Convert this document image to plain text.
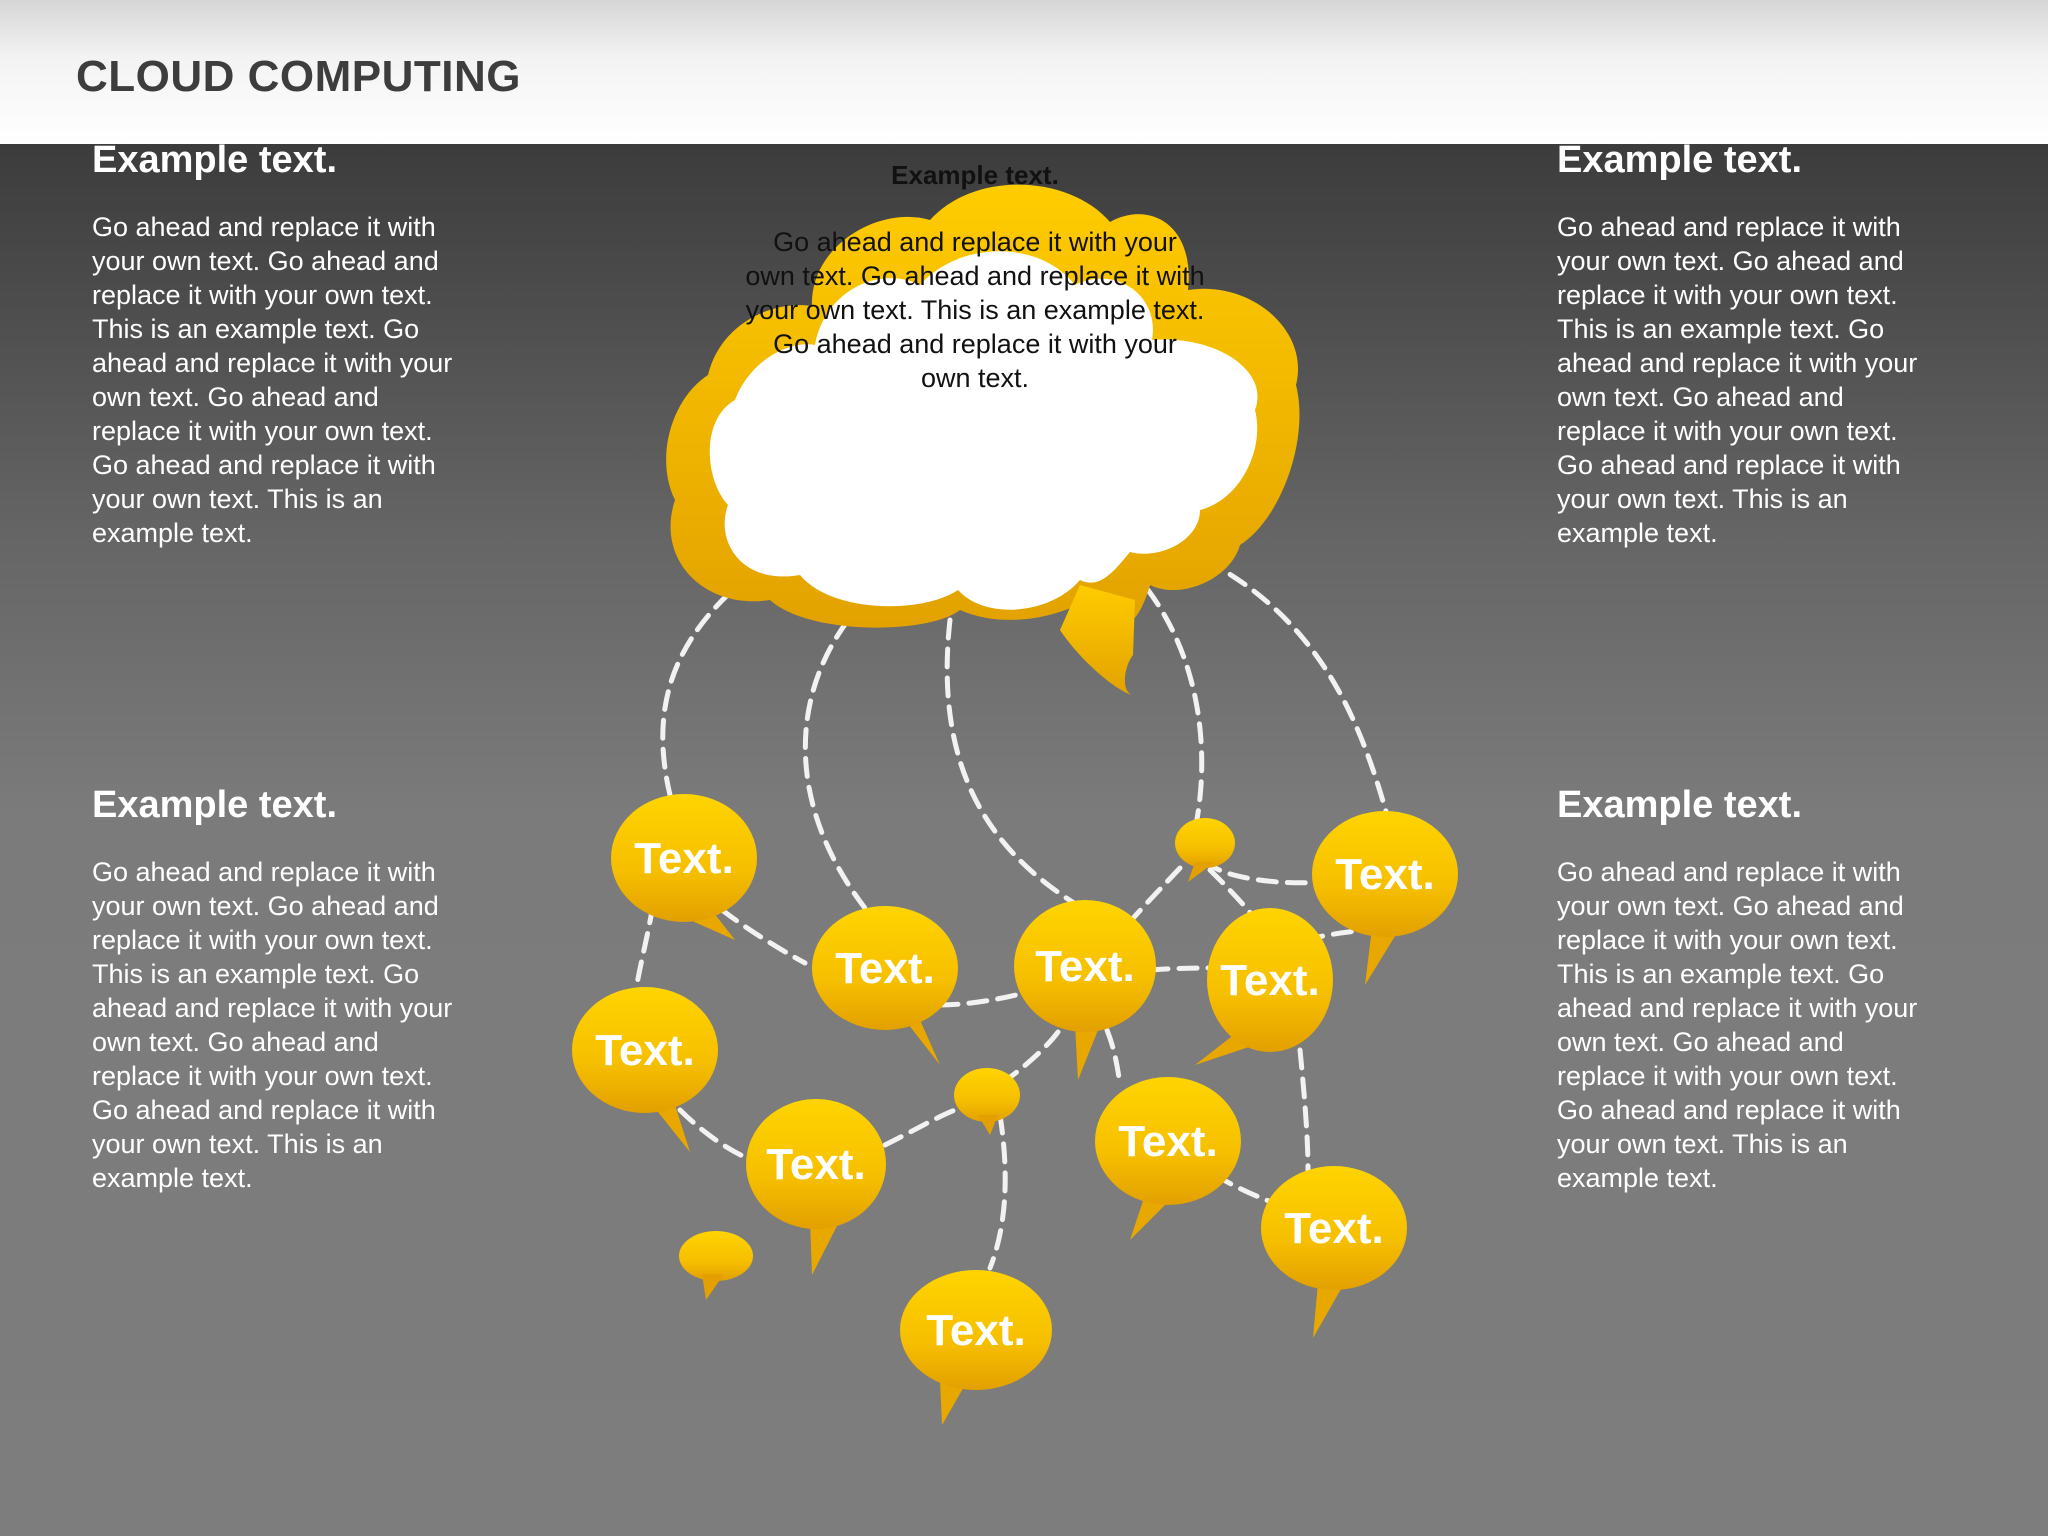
CLOUD COMPUTING
Example text.

Go ahead and replace it with your own text. Go ahead and replace it with your own text. This is an example text. Go ahead and replace it with your own text. Go ahead and replace it with your own text. Go ahead and replace it with your own text. This is an example text.

Example text.

Go ahead and replace it with your own text. Go ahead and replace it with your own text. This is an example text. Go ahead and replace it with your own text. Go ahead and replace it with your own text. Go ahead and replace it with your own text. This is an example text.

Example text.

Go ahead and replace it with your own text. Go ahead and replace it with your own text. This is an example text. Go ahead and replace it with your own text. Go ahead and replace it with your own text. Go ahead and replace it with your own text. This is an example text.

Example text.

Go ahead and replace it with your own text. Go ahead and replace it with your own text. This is an example text. Go ahead and replace it with your own text. Go ahead and replace it with your own text. Go ahead and replace it with your own text. This is an example text.

Text.
Text. Text. Text.
Text.
Text.
Text.	Text.
Text.
Text.

Example text.

Go ahead and replace it with your own text. Go ahead and replace it with your own text. This is an example text. Go ahead and replace it with your own text.
